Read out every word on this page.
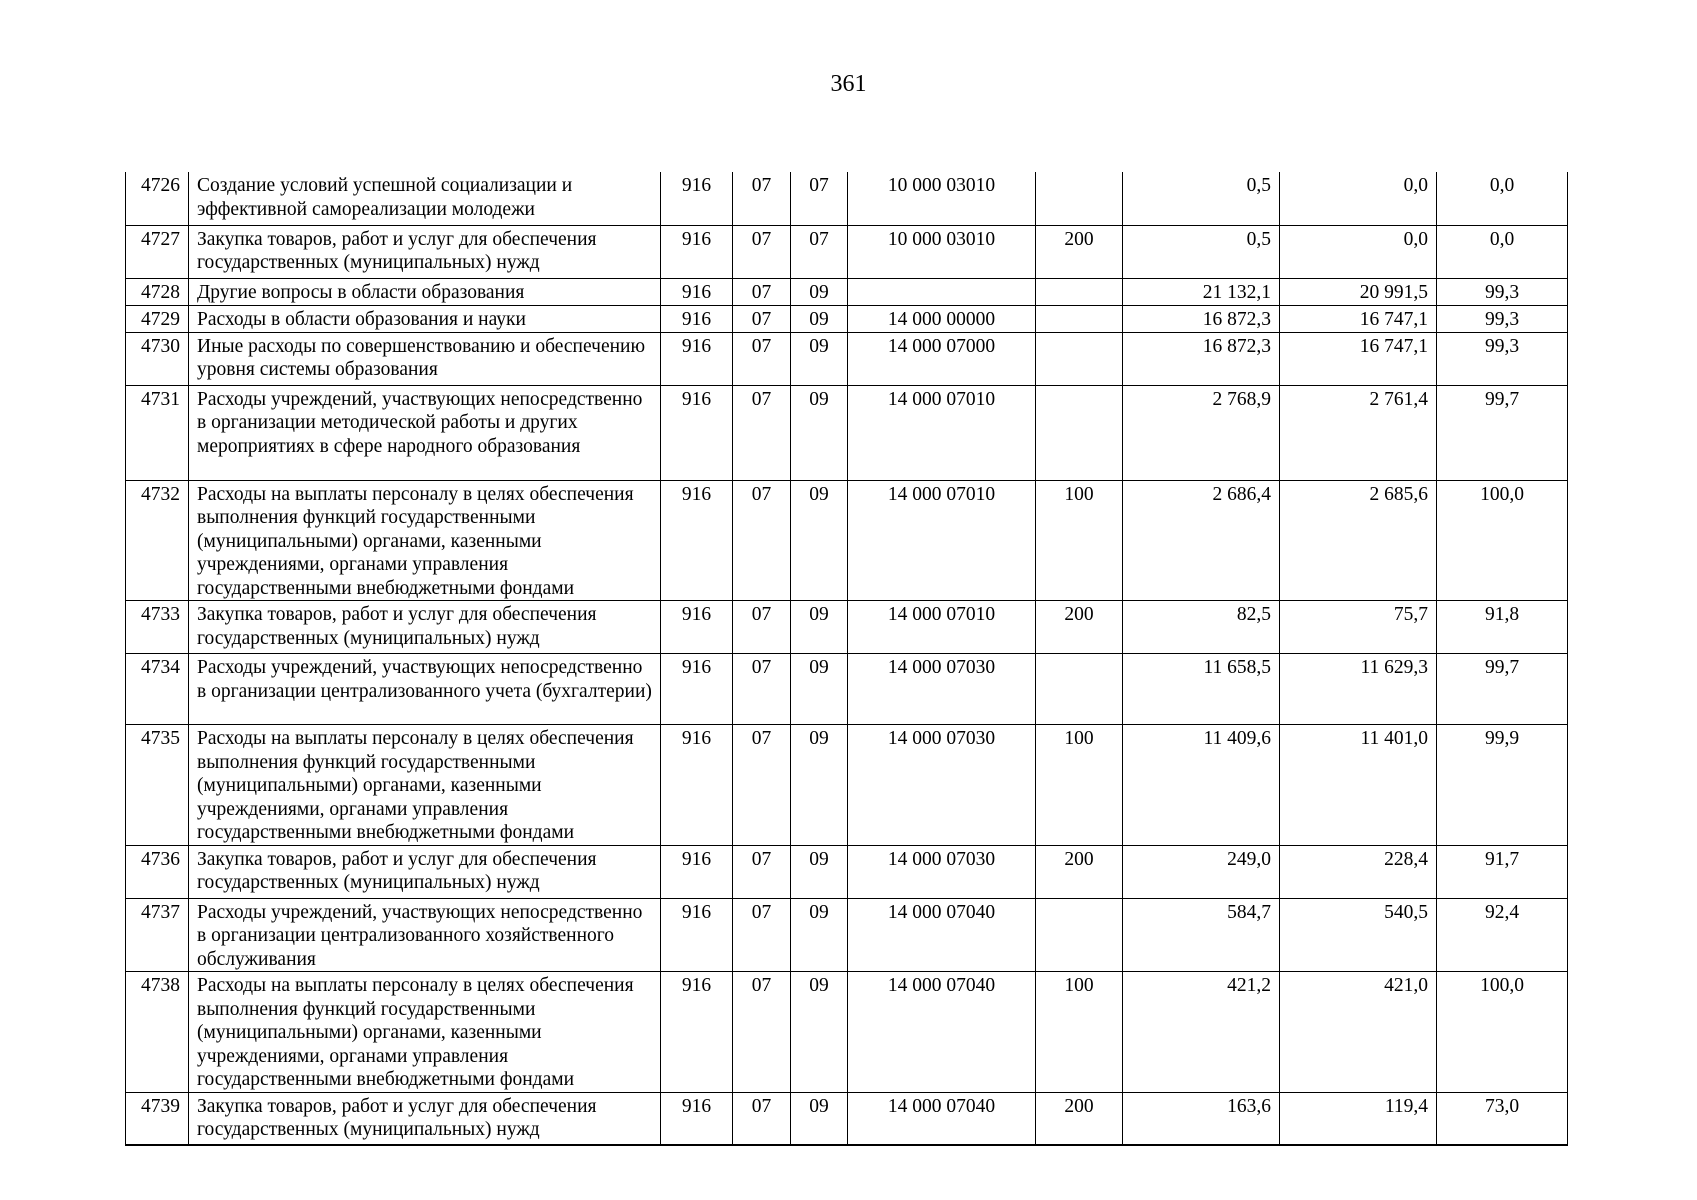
361
4726	Создание условий успешной социализации и эффективной самореализации молодежи	916	07	07	10 000 03010		0,5	0,0	0,0
4727	Закупка товаров, работ и услуг для обеспечения государственных (муниципальных) нужд	916	07	07	10 000 03010	200	0,5	0,0	0,0
4728	Другие вопросы в области образования	916	07	09			21 132,1	20 991,5	99,3
4729	Расходы в области образования и науки	916	07	09	14 000 00000		16 872,3	16 747,1	99,3
4730	Иные расходы по совершенствованию и обеспечению уровня системы образования	916	07	09	14 000 07000		16 872,3	16 747,1	99,3
4731	Расходы учреждений, участвующих непосредственно в организации методической работы и других мероприятиях в сфере народного образования	916	07	09	14 000 07010		2 768,9	2 761,4	99,7
4732	Расходы на выплаты персоналу в целях обеспечения выполнения функций государственными (муниципальными) органами, казенными учреждениями, органами управления государственными внебюджетными фондами	916	07	09	14 000 07010	100	2 686,4	2 685,6	100,0
4733	Закупка товаров, работ и услуг для обеспечения государственных (муниципальных) нужд	916	07	09	14 000 07010	200	82,5	75,7	91,8
4734	Расходы учреждений, участвующих непосредственно в организации централизованного учета (бухгалтерии)	916	07	09	14 000 07030		11 658,5	11 629,3	99,7
4735	Расходы на выплаты персоналу в целях обеспечения выполнения функций государственными (муниципальными) органами, казенными учреждениями, органами управления государственными внебюджетными фондами	916	07	09	14 000 07030	100	11 409,6	11 401,0	99,9
4736	Закупка товаров, работ и услуг для обеспечения государственных (муниципальных) нужд	916	07	09	14 000 07030	200	249,0	228,4	91,7
4737	Расходы учреждений, участвующих непосредственно в организации централизованного хозяйственного обслуживания	916	07	09	14 000 07040		584,7	540,5	92,4
4738	Расходы на выплаты персоналу в целях обеспечения выполнения функций государственными (муниципальными) органами, казенными учреждениями, органами управления государственными внебюджетными фондами	916	07	09	14 000 07040	100	421,2	421,0	100,0
4739	Закупка товаров, работ и услуг для обеспечения государственных (муниципальных) нужд	916	07	09	14 000 07040	200	163,6	119,4	73,0
